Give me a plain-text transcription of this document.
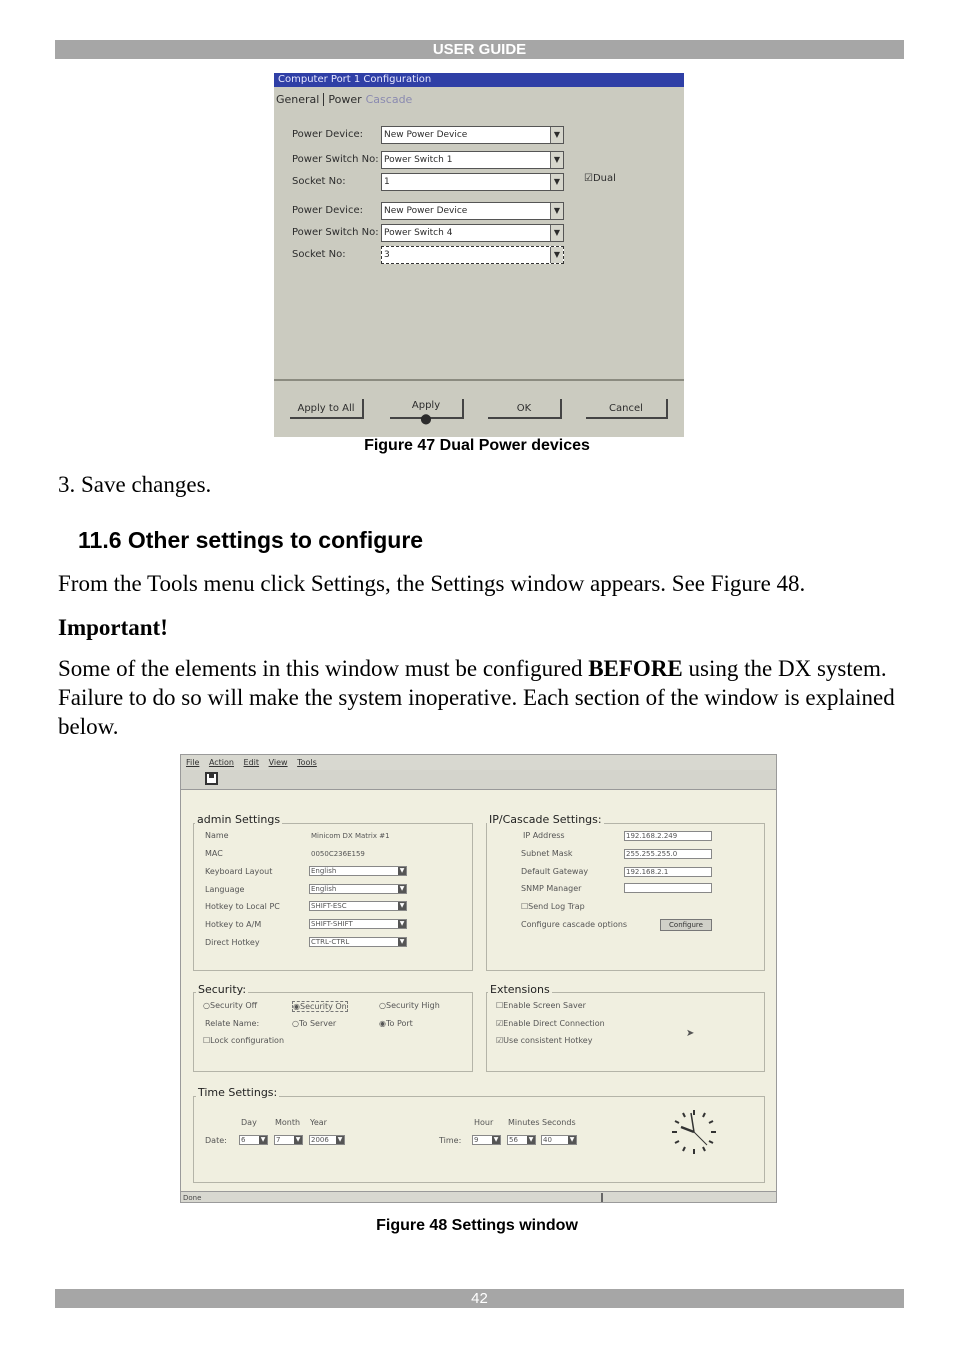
USER GUIDE
Computer Port 1 Configuration
General Power Cascade
Power Device:	New Power Device	▼
Power Switch No: Power Switch 1	▼
Socket No:	1	▼ ☑Dual
Power Device:	New Power Device	▼
Power Switch No: Power Switch 4	▼
Socket No:	3	▼
Apply to All	Apply
⬤
OK	Cancel
Figure 47 Dual Power devices
3. Save changes.
11.6 Other settings to configure
From the Tools menu click Settings, the Settings window appears. See Figure 48.
Important!
Some of the elements in this window must be configured BEFORE using the DX system. Failure to do so will make the system inoperative. Each section of the window is explained below.
File Action Edit View Tools
admin Settings
Name	Minicom DX Matrix #1
MAC	0050C236E159
Keyboard Layout	English	▼
Language	English	▼
Hotkey to Local PC	SHIFT-ESC	▼
Hotkey to A/M	SHIFT-SHIFT	▼
Direct Hotkey	CTRL-CTRL	▼
IP/Cascade Settings:
IP Address	192.168.2.249
Subnet Mask	255.255.255.0
Default Gateway	192.168.2.1
SNMP Manager
☐Send Log Trap
Configure cascade options	Configure
Security:
○Security Off	◉Security On	○Security High
Relate Name:	○To Server	◉To Port
☐Lock configuration
Extensions
☐Enable Screen Saver
☑Enable Direct Connection
☑Use consistent Hotkey
➤
Time Settings:
Day Month Year
Date: 6	▼ 7	▼ 2006 ▼
Hour Minutes Seconds
Time: 9	▼ 56 ▼ 40	▼
Done
Figure 48 Settings window
42
